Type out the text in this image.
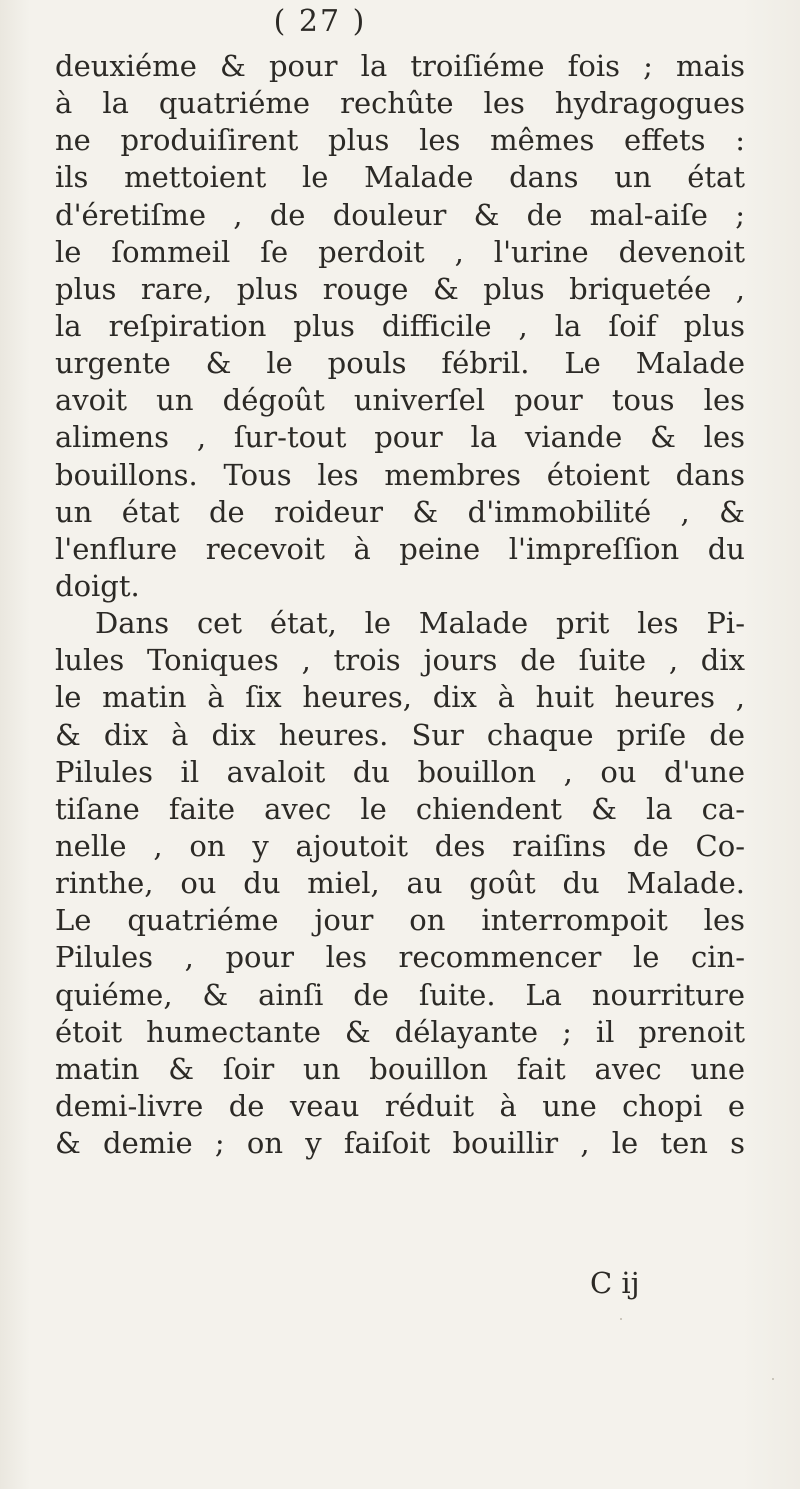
( 27 )
deuxiéme & pour la troiſiéme fois ; mais
à la quatriéme rechûte les hydragogues
ne produiſirent plus les mêmes effets :
ils mettoient le Malade dans un état
d'éretiſme , de douleur & de mal-aiſe ;
le ſommeil ſe perdoit , l'urine devenoit
plus rare, plus rouge & plus briquetée ,
la reſpiration plus difficile , la ſoif plus
urgente & le pouls fébril. Le Malade
avoit un dégoût univerſel pour tous les
alimens , ſur-tout pour la viande & les
bouillons. Tous les membres étoient dans
un état de roideur & d'immobilité , &
l'enflure recevoit à peine l'impreſſion du
doigt.
Dans cet état, le Malade prit les Pi-
lules Toniques , trois jours de ſuite , dix
le matin à ſix heures, dix à huit heures ,
& dix à dix heures. Sur chaque priſe de
Pilules il avaloit du bouillon , ou d'une
tiſane faite avec le chiendent & la ca-
nelle , on y ajoutoit des raiſins de Co-
rinthe, ou du miel, au goût du Malade.
Le quatriéme jour on interrompoit les
Pilules , pour les recommencer le cin-
quiéme, & ainſi de ſuite. La nourriture
étoit humectante & délayante ; il prenoit
matin & ſoir un bouillon fait avec une
demi-livre de veau réduit à une chopi e
& demie ; on y faiſoit bouillir , le ten s
C ij
